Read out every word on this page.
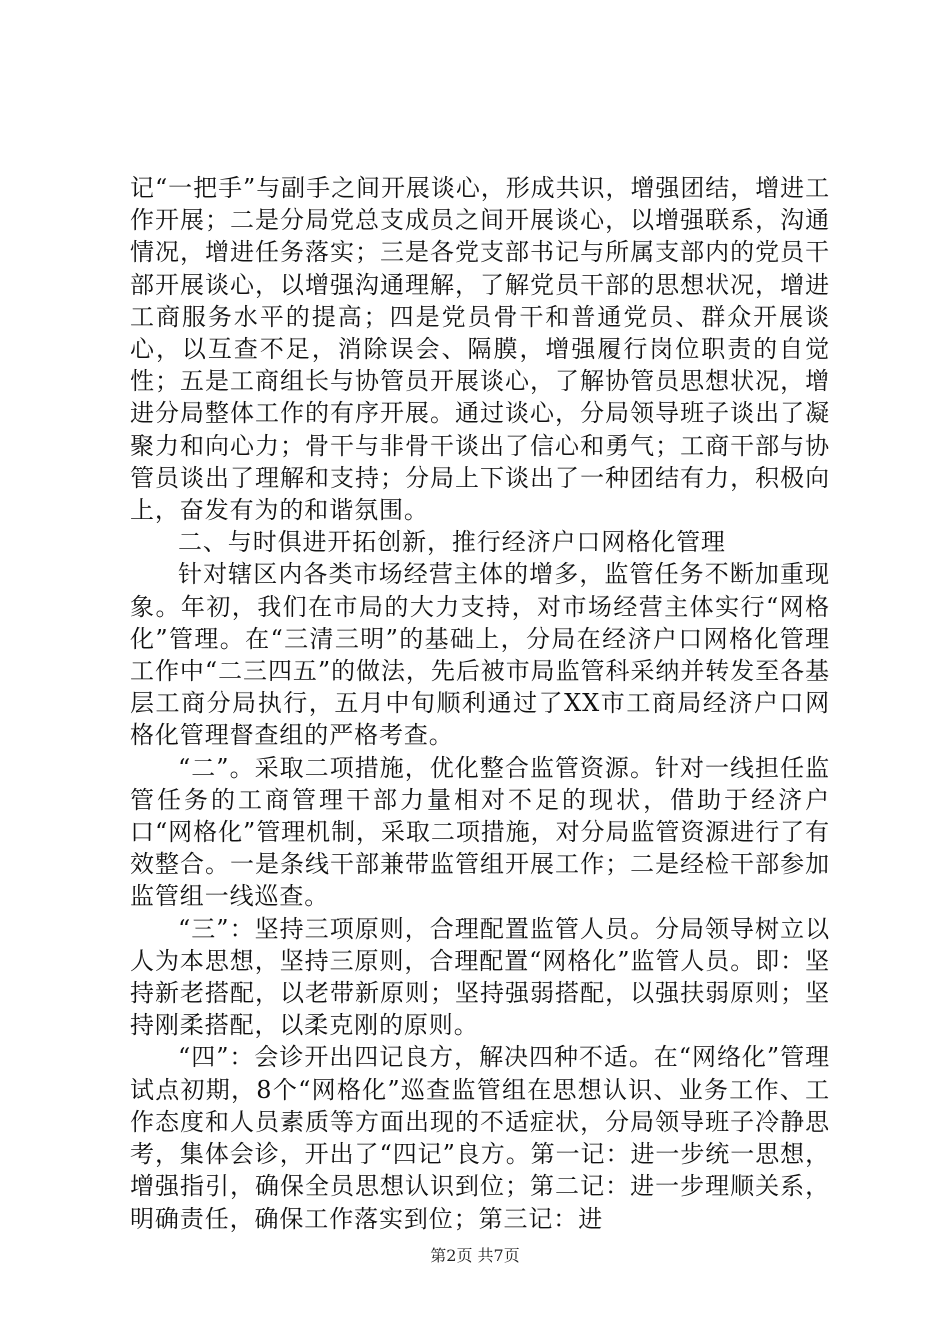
记“一把手”与副手之间开展谈心，形成共识，增强团结，增进工作开展；二是分局党总支成员之间开展谈心，以增强联系，沟通情况，增进任务落实；三是各党支部书记与所属支部内的党员干部开展谈心，以增强沟通理解，了解党员干部的思想状况，增进工商服务水平的提高；四是党员骨干和普通党员、群众开展谈心，以互查不足，消除误会、隔膜，增强履行岗位职责的自觉性；五是工商组长与协管员开展谈心，了解协管员思想状况，增进分局整体工作的有序开展。通过谈心，分局领导班子谈出了凝聚力和向心力；骨干与非骨干谈出了信心和勇气；工商干部与协管员谈出了理解和支持；分局上下谈出了一种团结有力，积极向上，奋发有为的和谐氛围。

二、与时俱进开拓创新，推行经济户口网格化管理

针对辖区内各类市场经营主体的增多，监管任务不断加重现象。年初，我们在市局的大力支持，对市场经营主体实行“网格化”管理。在“三清三明”的基础上，分局在经济户口网格化管理工作中“二三四五”的做法，先后被市局监管科采纳并转发至各基层工商分局执行，五月中旬顺利通过了XX市工商局经济户口网格化管理督查组的严格考查。

“二”。采取二项措施，优化整合监管资源。针对一线担任监管任务的工商管理干部力量相对不足的现状，借助于经济户口“网格化”管理机制，采取二项措施，对分局监管资源进行了有效整合。一是条线干部兼带监管组开展工作；二是经检干部参加监管组一线巡查。

“三”：坚持三项原则，合理配置监管人员。分局领导树立以人为本思想，坚持三原则，合理配置“网格化”监管人员。即：坚持新老搭配，以老带新原则；坚持强弱搭配，以强扶弱原则；坚持刚柔搭配，以柔克刚的原则。

“四”：会诊开出四记良方，解决四种不适。在“网络化”管理试点初期，8个“网格化”巡查监管组在思想认识、业务工作、工作态度和人员素质等方面出现的不适症状，分局领导班子冷静思考，集体会诊，开出了“四记”良方。第一记：进一步统一思想，增强指引，确保全员思想认识到位；第二记：进一步理顺关系，明确责任，确保工作落实到位；第三记：进

第2页 共7页
